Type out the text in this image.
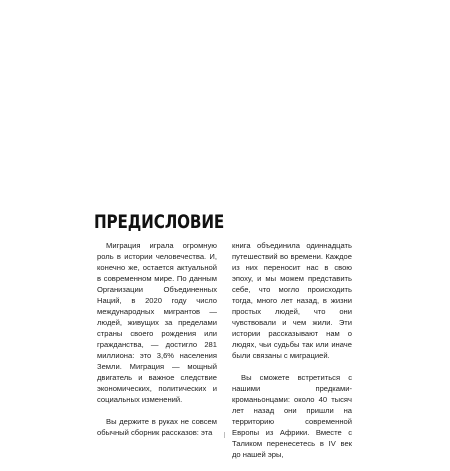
ПРЕДИСЛОВИЕ

Миграция играла огромную роль в истории человечества. И, конечно же, остается актуальной в современном мире. По данным Организации Объединенных Наций, в 2020 году число международных мигрантов — людей, живущих за пределами страны своего рождения или гражданства, — достигло 281 миллиона: это 3,6% населения Земли. Миграция — мощный двигатель и важное следствие экономических, политических и социальных изменений.

Вы держите в руках не совсем обычный сборник рассказов: эта

книга объединила одиннадцать путешествий во времени. Каждое из них переносит нас в свою эпоху, и мы можем представить себе, что могло происходить тогда, много лет назад, в жизни простых людей, что они чувствовали и чем жили. Эти истории рассказывают нам о людях, чьи судьбы так или иначе были связаны с миграцией.

Вы сможете встретиться с нашими предками-кроманьонцами: около 40 тысяч лет назад они пришли на территорию современной Европы из Африки. Вместе с Таликом перенесетесь в IV век до нашей эры,
